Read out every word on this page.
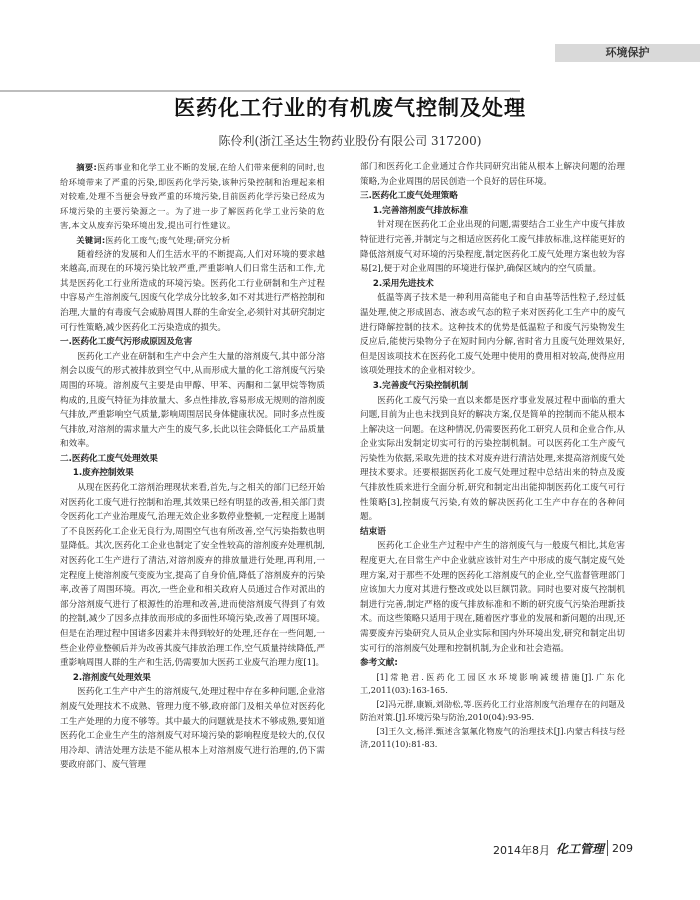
环境保护
医药化工行业的有机废气控制及处理
陈伶利(浙江圣达生物药业股份有限公司 317200)

摘要:医药事业和化学工业不断的发展,在给人们带来便利的同时,也给环境带来了严重的污染,即医药化学污染,该种污染控制和治理起来相对较难,处理不当便会导致严重的环境污染,目前医药化学污染已经成为环境污染的主要污染源之一。为了进一步了解医药化学工业污染的危害,本文从废弃污染环境出发,提出可行性建议。

关键词:医药化工废气;废气处理;研究分析

随着经济的发展和人们生活水平的不断提高,人们对环境的要求越来越高,而现在的环境污染比较严重,严重影响人们日常生活和工作,尤其是医药化工行业所造成的环境污染。医药化工行业研制和生产过程中容易产生溶剂废气,因废气化学成分比较多,如不对其进行严格控制和治理,大量的有毒废气会威胁周围人群的生命安全,必须针对其研究制定可行性策略,减少医药化工污染造成的损失。

一.医药化工废气污形成原因及危害

医药化工产业在研制和生产中会产生大量的溶剂废气,其中部分溶剂会以废气的形式被排放到空气中,从而形成大量的化工溶剂废气污染周围的环境。溶剂废气主要是由甲醇、甲苯、丙酮和二氯甲烷等物质构成的,且废气特征为排放量大、多点性排放,容易形成无规则的溶剂废气排放,严重影响空气质量,影响周围居民身体健康状况。同时多点性废气排放,对溶剂的需求量大产生的废气多,长此以往会降低化工产品质量和效率。

二.医药化工废气处理效果
1.废弃控制效果

从现在医药化工溶剂治理现状来看,首先,与之相关的部门已经开始对医药化工废气进行控制和治理,其效果已经有明显的改善,相关部门责令医药化工产业治理废气,治理无效企业多数停业整顿,一定程度上遏制了不良医药化工企业无良行为,周围空气也有所改善,空气污染指数也明显降低。其次,医药化工企业也制定了安全性较高的溶剂废弃处理机制,对医药化工生产进行了清洁,对溶剂废弃的排放量进行处理,再利用,一定程度上使溶剂废气变废为宝,提高了自身价值,降低了溶剂废弃的污染率,改善了周围环境。再次,一些企业和相关政府人员通过合作对派出的部分溶剂废气进行了根源性的治理和改善,进而使溶剂废气得到了有效的控制,减少了因多点排放而形成的多面性环境污染,改善了周围环境。但是在治理过程中国诸多因素并未得到较好的处理,还存在一些问题,一些企业停业整顿后并为改善其废气排放治理工作,空气质量持续降低,严重影响周围人群的生产和生活,仍需要加大医药工业废气治理力度[1]。

2.溶剂废气处理效果

医药化工生产中产生的溶剂废气,处理过程中存在多种问题,企业溶剂废气处理技术不成熟、管理力度不够,政府部门及相关单位对医药化工生产处理的力度不够等。其中最大的问题就是技术不够成熟,要知道医药化工企业生产生的溶剂废气对环境污染的影响程度是较大的,仅仅用冷却、清洁处理方法是不能从根本上对溶剂废气进行治理的,仍下需要政府部门、废气管理

部门和医药化工企业通过合作共同研究出能从根本上解决问题的治理策略,为企业周围的居民创造一个良好的居住环境。

三.医药化工废气处理策略
1.完善溶剂废气排放标准

针对现在医药化工企业出现的问题,需要结合工业生产中废气排放特征进行完善,并制定与之相适应医药化工废气排放标准,这样能更好的降低溶剂废气对环境的污染程度,制定医药化工废气处理方案也较为容易[2],便于对企业周围的环境进行保护,确保区域内的空气质量。

2.采用先进技术

低温等离子技术是一种利用高能电子和自由基等活性粒子,经过低温处理,使之形成固态、液态或气态的粒子来对医药化工生产中的废气进行降解控制的技术。这种技术的优势是低温粒子和废气污染物发生反应后,能使污染物分子在短时间内分解,省时省力且废气处理效果好,但是因该项技术在医药化工废气处理中使用的费用相对较高,使得应用该项处理技术的企业相对较少。

3.完善废气污染控制机制

医药化工废气污染一直以来都是医疗事业发展过程中面临的重大问题,目前为止也未找到良好的解决方案,仅是简单的控制而不能从根本上解决这一问题。在这种情况,仍需要医药化工研究人员和企业合作,从企业实际出发制定切实可行的污染控制机制。可以医药化工生产废气污染性为依据,采取先进的技术对废弃进行清洁处理,来提高溶剂废气处理技术要求。还要根据医药化工废气处理过程中总结出来的特点及废气排放性质来进行全面分析,研究和制定出出能抑制医药化工废气可行性策略[3],控制废气污染,有效的解决医药化工生产中存在的各种问题。

结束语

医药化工企业生产过程中产生的溶剂废气与一般废气相比,其危害程度更大,在目常生产中企业就应该针对生产中形成的废气制定废气处理方案,对于那些不处理的医药化工溶剂废气的企业,空气监督管理部门应该加大力度对其进行整改或处以巨额罚款。同时也要对废气控制机制进行完善,制定严格的废气排放标准和不断的研究废气污染治理新技术。而这些策略只适用于现在,随着医疗事业的发展和新问题的出现,还需要废弃污染研究人员从企业实际和国内外环境出发,研究和制定出切实可行的溶剂废气处理和控制机制,为企业和社会造福。

参考文献:

[1]常艳君.医药化工园区水环境影响减缓措施[J].广东化工,2011(03):163-165.

[2]冯元群,康颖,刘劭松,等.医药化工行业溶剂废气治理存在的问题及防治对策.[J].环境污染与防治,2010(04):93-95.

[3]王久文,杨洋.甄述含氯氟化物废气的治理技术[J].内蒙古科技与经济,2011(10):81-83.

2014年8月 化工管理 209
